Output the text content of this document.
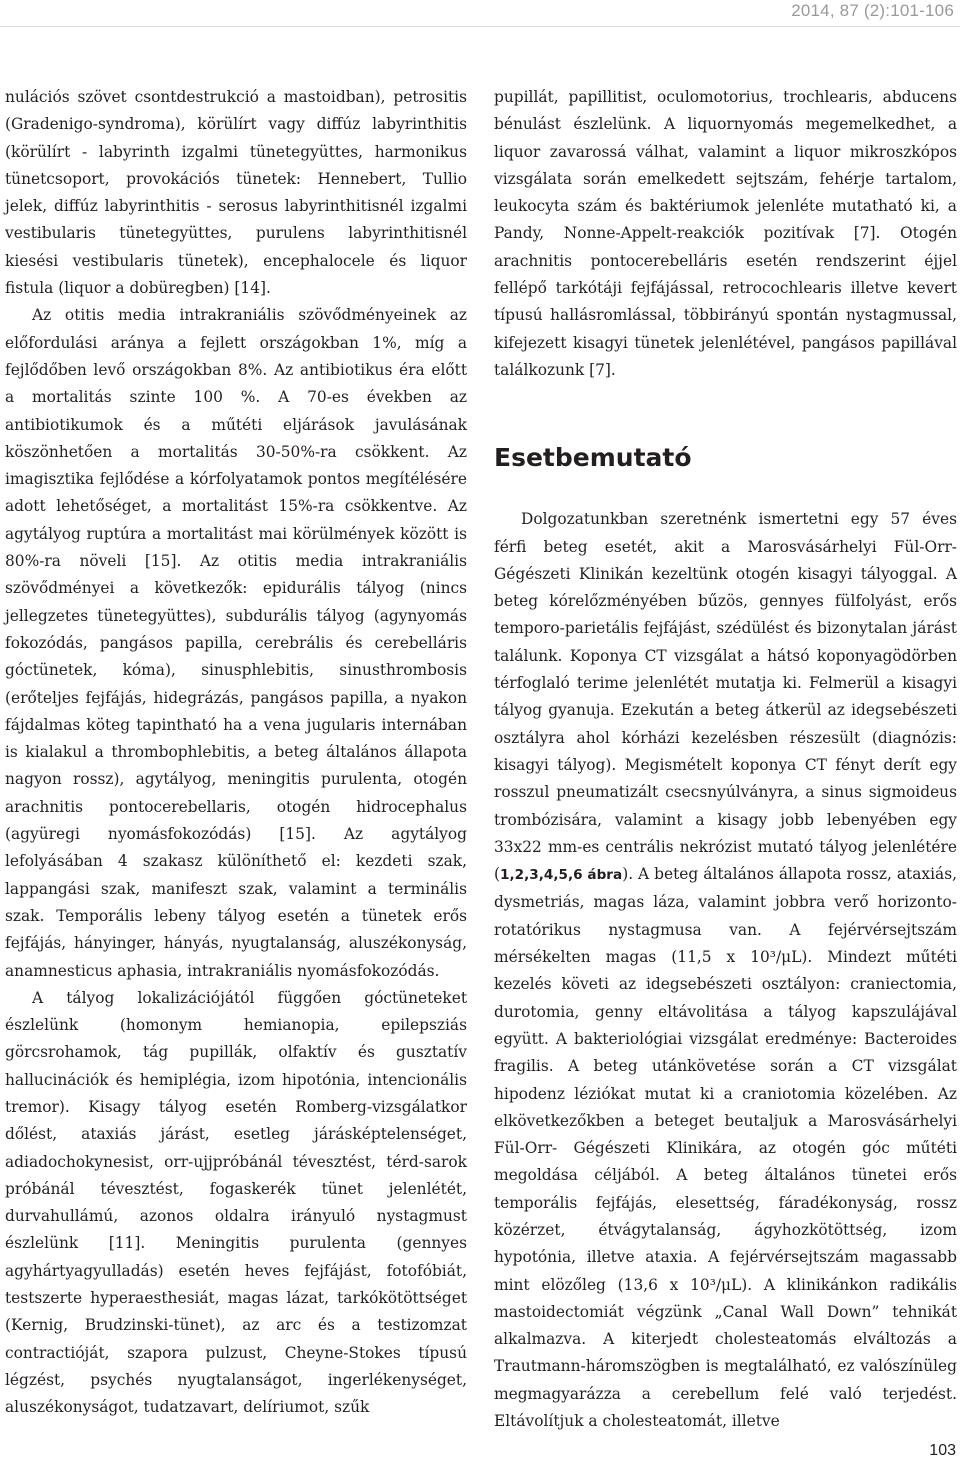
2014, 87 (2):101-106

nulációs szövet csontdestrukció a mastoidban), petrositis (Gradenigo-syndroma), körülírt vagy diffúz labyrinthitis (körülírt - labyrinth izgalmi tünetegyüttes, harmonikus tünetcsoport, provokációs tünetek: Hennebert, Tullio jelek, diffúz labyrinthitis - serosus labyrinthitisnél izgalmi vestibularis tünetegyüttes, purulens labyrinthitisnél kiesési vestibularis tünetek), encephalocele és liquor fistula (liquor a dobüregben) [14].

Az otitis media intrakraniális szövődményeinek az előfordulási aránya a fejlett országokban 1%, míg a fejlődőben levő országokban 8%. Az antibiotikus éra előtt a mortalitás szinte 100 %. A 70-es években az antibiotikumok és a műtéti eljárások javulásának köszönhetően a mortalitás 30-50%-ra csökkent. Az imagisztika fejlődése a kórfolyatamok pontos megítélésére adott lehetőséget, a mortalitást 15%-ra csökkentve. Az agytályog ruptúra a mortalitást mai körülmények között is 80%-ra növeli [15]. Az otitis media intrakraniális szövődményei a következők: epidurális tályog (nincs jellegzetes tünetegyüttes), subdurális tályog (agynyomás fokozódás, pangásos papilla, cerebrális és cerebelláris góctünetek, kóma), sinusphlebitis, sinusthrombosis (erőteljes fejfájás, hidegrázás, pangásos papilla, a nyakon fájdalmas köteg tapintható ha a vena jugularis internában is kialakul a thrombophlebitis, a beteg általános állapota nagyon rossz), agytályog, meningitis purulenta, otogén arachnitis pontocerebellaris, otogén hidrocephalus (agyüregi nyomásfokozódás) [15]. Az agytályog lefolyásában 4 szakasz különíthető el: kezdeti szak, lappangási szak, manifeszt szak, valamint a terminális szak. Temporális lebeny tályog esetén a tünetek erős fejfájás, hányinger, hányás, nyugtalanság, aluszékonyság, anamnesticus aphasia, intrakraniális nyomásfokozódás.

A tályog lokalizációjától függően góctüneteket észlelünk (homonym hemianopia, epilepsziás görcsrohamok, tág pupillák, olfaktív és gusztatív hallucinációk és hemiplégia, izom hipotónia, intencionális tremor). Kisagy tályog esetén Romberg-vizsgálatkor dőlést, ataxiás járást, esetleg járásképtelenséget, adiadochokynesist, orr-ujjpróbánál tévesztést, térd-sarok próbánál tévesztést, fogaskerék tünet jelenlétét, durvahullámú, azonos oldalra irányuló nystagmust észlelünk [11]. Meningitis purulenta (gennyes agyhártyagyulladás) esetén heves fejfájást, fotofóbiát, testszerte hyperaesthesiát, magas lázat, tarkókötöttséget (Kernig, Brudzinski-tünet), az arc és a testizomzat contractióját, szapora pulzust, Cheyne-Stokes típusú légzést, psychés nyugtalanságot, ingerlékenységet, aluszékonyságot, tudatzavart, delíriumot, szűk

pupillát, papillitist, oculomotorius, trochlearis, abducens bénulást észlelünk. A liquornyomás megemelkedhet, a liquor zavarossá válhat, valamint a liquor mikroszkópos vizsgálata során emelkedett sejtszám, fehérje tartalom, leukocyta szám és baktériumok jelenléte mutatható ki, a Pandy, Nonne-Appelt-reakciók pozitívak [7]. Otogén arachnitis pontocerebelláris esetén rendszerint éjjel fellépő tarkótáji fejfájással, retrocochlearis illetve kevert típusú hallásromlással, többirányú spontán nystagmussal, kifejezett kisagyi tünetek jelenlétével, pangásos papillával találkozunk [7].

Esetbemutató

Dolgozatunkban szeretnénk ismertetni egy 57 éves férfi beteg esetét, akit a Marosvásárhelyi Fül-Orr-Gégészeti Klinikán kezeltünk otogén kisagyi tályoggal. A beteg kórelőzményében bűzös, gennyes fülfolyást, erős temporo-parietális fejfájást, szédülést és bizonytalan járást találunk. Koponya CT vizsgálat a hátsó koponyagödörben térfoglaló terime jelenlétét mutatja ki. Felmerül a kisagyi tályog gyanuja. Ezekután a beteg átkerül az idegsebészeti osztályra ahol kórházi kezelésben részesült (diagnózis: kisagyi tályog). Megismételt koponya CT fényt derít egy rosszul pneumatizált csecsnyúlványra, a sinus sigmoideus trombózisára, valamint a kisagy jobb lebenyében egy 33x22 mm-es centrális nekrózist mutató tályog jelenlétére (1,2,3,4,5,6 ábra). A beteg általános állapota rossz, ataxiás, dysmetriás, magas láza, valamint jobbra verő horizonto-rotatórikus nystagmusa van. A fejérvérsejtszám mérsékelten magas (11,5 x 10³/μL). Mindezt műtéti kezelés követi az idegsebészeti osztályon: craniectomia, durotomia, genny eltávolitása a tályog kapszulájával együtt. A bakteriológiai vizsgálat eredménye: Bacteroides fragilis. A beteg utánkövetése során a CT vizsgálat hipodenz léziókat mutat ki a craniotomia közelében. Az elkövetkezőkben a beteget beutaljuk a Marosvásárhelyi Fül-Orr- Gégészeti Klinikára, az otogén góc műtéti megoldása céljából. A beteg általános tünetei erős temporális fejfájás, elesettség, fáradékonyság, rossz közérzet, étvágytalanság, ágyhozkötöttség, izom hypotónia, illetve ataxia. A fejérvérsejtszám magassabb mint elözőleg (13,6 x 10³/μL). A klinikánkon radikális mastoidectomiát végzünk „Canal Wall Down” tehnikát alkalmazva. A kiterjedt cholesteatomás elváltozás a Trautmann-háromszögben is megtalálható, ez valószínüleg megmagyarázza a cerebellum felé való terjedést. Eltávolítjuk a cholesteatomát, illetve

103
